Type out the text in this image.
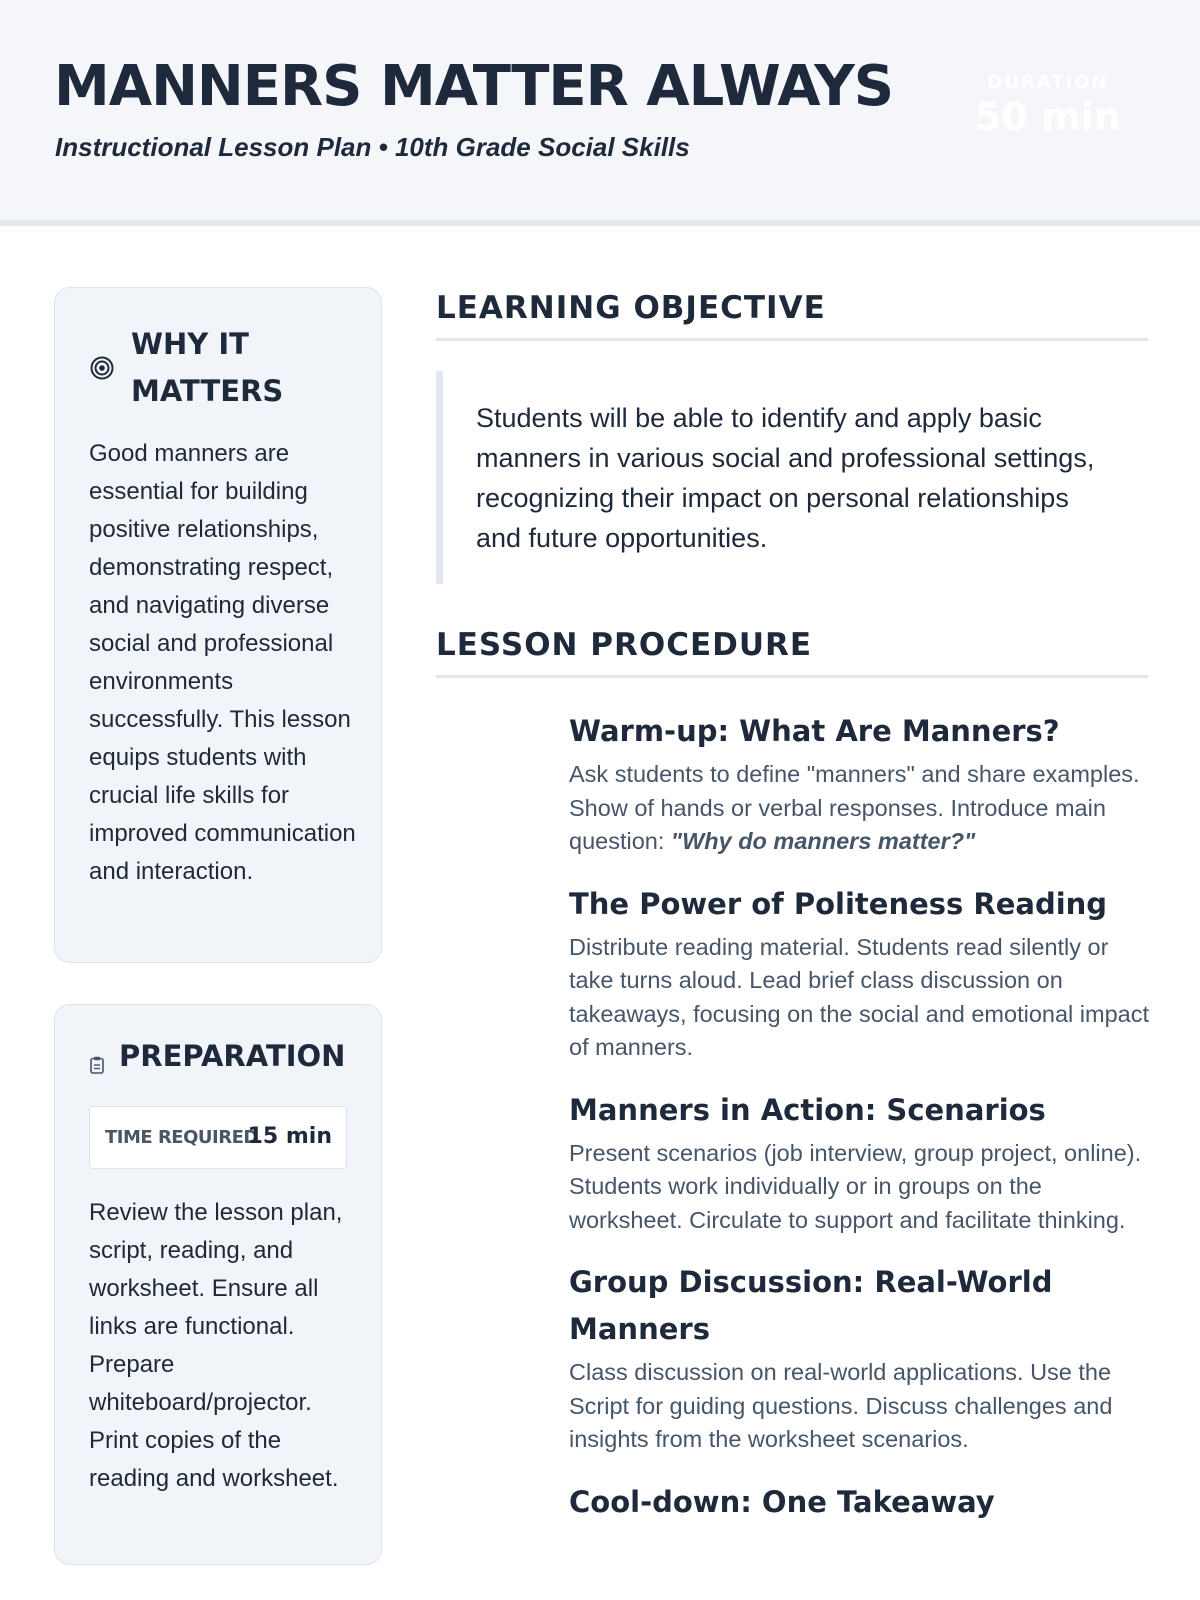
MANNERS MATTER ALWAYS
Instructional Lesson Plan • 10th Grade Social Skills
DURATION
50 min
WHY IT MATTERS

Good manners are essential for building positive relationships, demonstrating respect, and navigating diverse social and professional environments successfully. This lesson equips students with crucial life skills for improved communication and interaction.

PREPARATION
TIME REQUIRED
15 min

Review the lesson plan, script, reading, and worksheet. Ensure all links are functional. Prepare whiteboard/projector. Print copies of the reading and worksheet.

LEARNING OBJECTIVE
Students will be able to identify and apply basic manners in various social and professional settings, recognizing their impact on personal relationships and future opportunities.
LESSON PROCEDURE
Warm-up: What Are Manners?

Ask students to define "manners" and share examples. Show of hands or verbal responses. Introduce main question: "Why do manners matter?"

The Power of Politeness Reading

Distribute reading material. Students read silently or take turns aloud. Lead brief class discussion on takeaways, focusing on the social and emotional impact of manners.

Manners in Action: Scenarios

Present scenarios (job interview, group project, online). Students work individually or in groups on the worksheet. Circulate to support and facilitate thinking.

Group Discussion: Real-World Manners

Class discussion on real-world applications. Use the Script for guiding questions. Discuss challenges and insights from the worksheet scenarios.

Cool-down: One Takeaway
